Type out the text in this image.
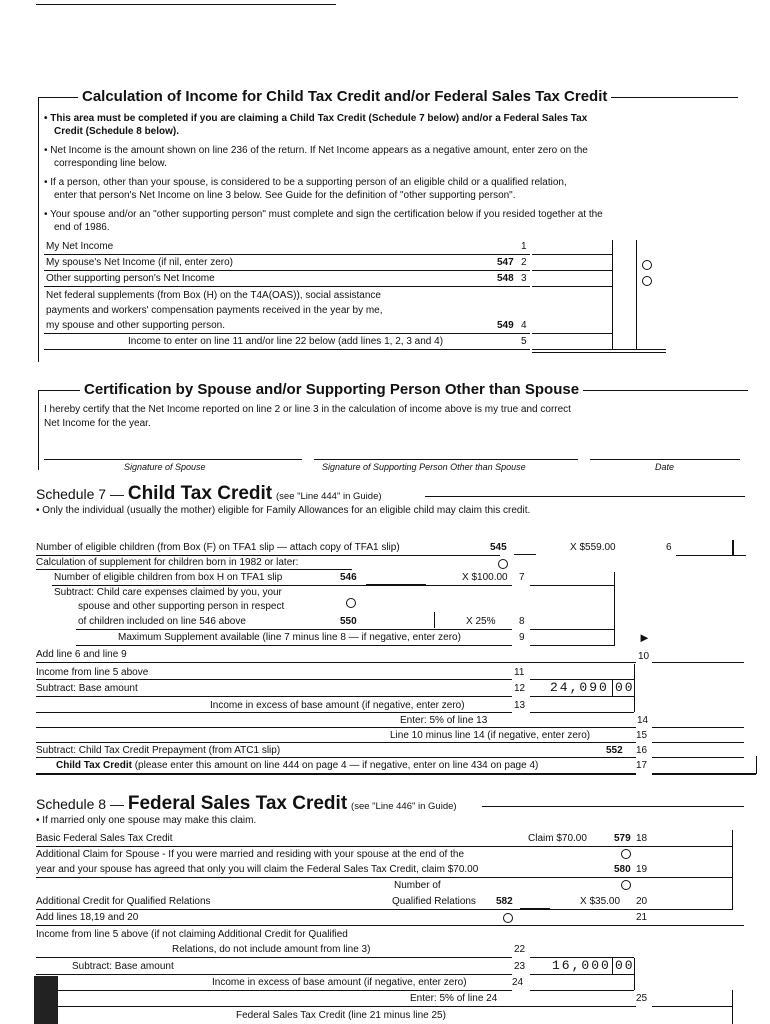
Calculation of Income for Child Tax Credit and/or Federal Sales Tax Credit
• This area must be completed if you are claiming a Child Tax Credit (Schedule 7 below) and/or a Federal Sales Tax
Credit (Schedule 8 below).
• Net Income is the amount shown on line 236 of the return. If Net Income appears as a negative amount, enter zero on the
corresponding line below.
• If a person, other than your spouse, is considered to be a supporting person of an eligible child or a qualified relation,
enter that person's Net Income on line 3 below. See Guide for the definition of "other supporting person".
• Your spouse and/or an "other supporting person" must complete and sign the certification below if you resided together at the
end of 1986.
My Net Income	1
My spouse's Net Income (if nil, enter zero)	547 2
Other supporting person's Net Income	548 3
Net federal supplements (from Box (H) on the T4A(OAS)), social assistance
payments and workers' compensation payments received in the year by me,
my spouse and other supporting person.	549 4
Income to enter on line 11 and/or line 22 below (add lines 1, 2, 3 and 4)	5
Certification by Spouse and/or Supporting Person Other than Spouse
I hereby certify that the Net Income reported on line 2 or line 3 in the calculation of income above is my true and correct
Net Income for the year.
Signature of Spouse	Signature of Supporting Person Other than Spouse	Date
Schedule 7 — Child Tax Credit (see "Line 444" in Guide)
• Only the individual (usually the mother) eligible for Family Allowances for an eligible child may claim this credit.
Number of eligible children (from Box (F) on TFA1 slip — attach copy of TFA1 slip)	545	X $559.00	6
Calculation of supplement for children born in 1982 or later:
Number of eligible children from box H on TFA1 slip	546	X $100.00 7
Subtract: Child care expenses claimed by you, your
spouse and other supporting person in respect
of children included on line 546 above	550	X 25% 8
Maximum Supplement available (line 7 minus line 8 — if negative, enter zero)	9	►
Add line 6 and line 9	10
Income from line 5 above	11
Subtract: Base amount	12 24,090 00
Income in excess of base amount (if negative, enter zero)	13
Enter: 5% of line 13	14
Line 10 minus line 14 (if negative, enter zero)	15
Subtract: Child Tax Credit Prepayment (from ATC1 slip)	552 16
Child Tax Credit (please enter this amount on line 444 on page 4 — if negative, enter on line 434 on page 4)	17
Schedule 8 — Federal Sales Tax Credit (see "Line 446" in Guide)
• If married only one spouse may make this claim.
Basic Federal Sales Tax Credit	Claim $70.00	579 18
Additional Claim for Spouse - If you were married and residing with your spouse at the end of the
year and your spouse has agreed that only you will claim the Federal Sales Tax Credit, claim $70.00	580 19
Number of
Additional Credit for Qualified Relations	Qualified Relations 582	X $35.00 20
Add lines 18,19 and 20	21
Income from line 5 above (if not claiming Additional Credit for Qualified
Relations, do not include amount from line 3)	22
Subtract: Base amount	23 16,000 00
Income in excess of base amount (if negative, enter zero)	24
Enter: 5% of line 24	25
Federal Sales Tax Credit (line 21 minus line 25)
